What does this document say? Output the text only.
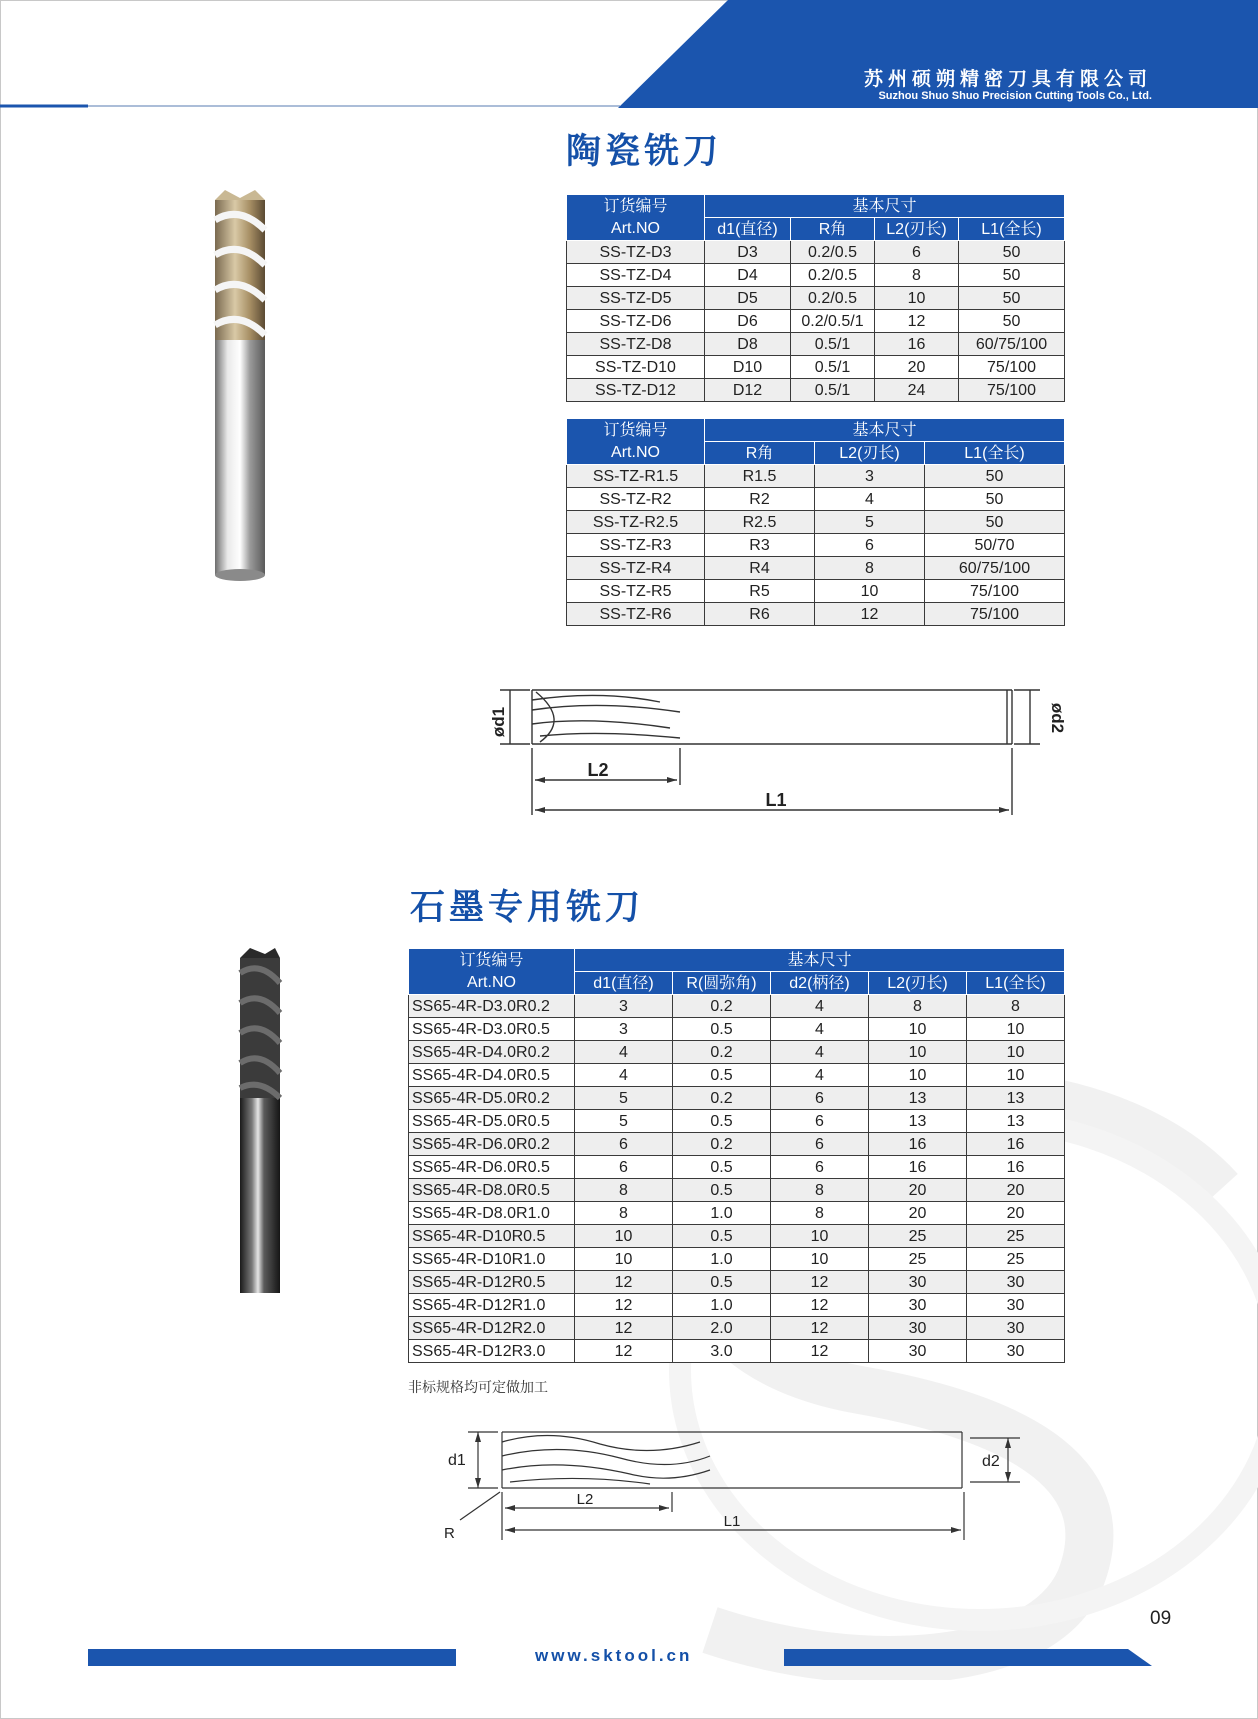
苏州硕朔精密刀具有限公司
Suzhou Shuo Shuo Precision Cutting Tools Co., Ltd.
陶瓷铣刀
订货编号
Art.NO	基本尺寸			
	d1(直径)	R角	L2(刃长)	L1(全长)
SS-TZ-D3	D3	0.2/0.5	6	50
SS-TZ-D4	D4	0.2/0.5	8	50
SS-TZ-D5	D5	0.2/0.5	10	50
SS-TZ-D6	D6	0.2/0.5/1	12	50
SS-TZ-D8	D8	0.5/1	16	60/75/100
SS-TZ-D10	D10	0.5/1	20	75/100
SS-TZ-D12	D12	0.5/1	24	75/100
订货编号
Art.NO	基本尺寸		
	R角	L2(刃长)	L1(全长)
SS-TZ-R1.5	R1.5	3	50
SS-TZ-R2	R2	4	50
SS-TZ-R2.5	R2.5	5	50
SS-TZ-R3	R3	6	50/70
SS-TZ-R4	R4	8	60/75/100
SS-TZ-R5	R5	10	75/100
SS-TZ-R6	R6	12	75/100
ød1	ød2
L2
L1
石墨专用铣刀
订货编号
Art.NO	基本尺寸				
	d1(直径)	R(圆弥角)	d2(柄径)	L2(刃长)	L1(全长)
SS65-4R-D3.0R0.2	3	0.2	4	8	8
SS65-4R-D3.0R0.5	3	0.5	4	10	10
SS65-4R-D4.0R0.2	4	0.2	4	10	10
SS65-4R-D4.0R0.5	4	0.5	4	10	10
SS65-4R-D5.0R0.2	5	0.2	6	13	13
SS65-4R-D5.0R0.5	5	0.5	6	13	13
SS65-4R-D6.0R0.2	6	0.2	6	16	16
SS65-4R-D6.0R0.5	6	0.5	6	16	16
SS65-4R-D8.0R0.5	8	0.5	8	20	20
SS65-4R-D8.0R1.0	8	1.0	8	20	20
SS65-4R-D10R0.5	10	0.5	10	25	25
SS65-4R-D10R1.0	10	1.0	10	25	25
SS65-4R-D12R0.5	12	0.5	12	30	30
SS65-4R-D12R1.0	12	1.0	12	30	30
SS65-4R-D12R2.0	12	2.0	12	30	30
SS65-4R-D12R3.0	12	3.0	12	30	30
非标规格均可定做加工
d1	d2
L2
L1
R
09
www.sktool.cn
